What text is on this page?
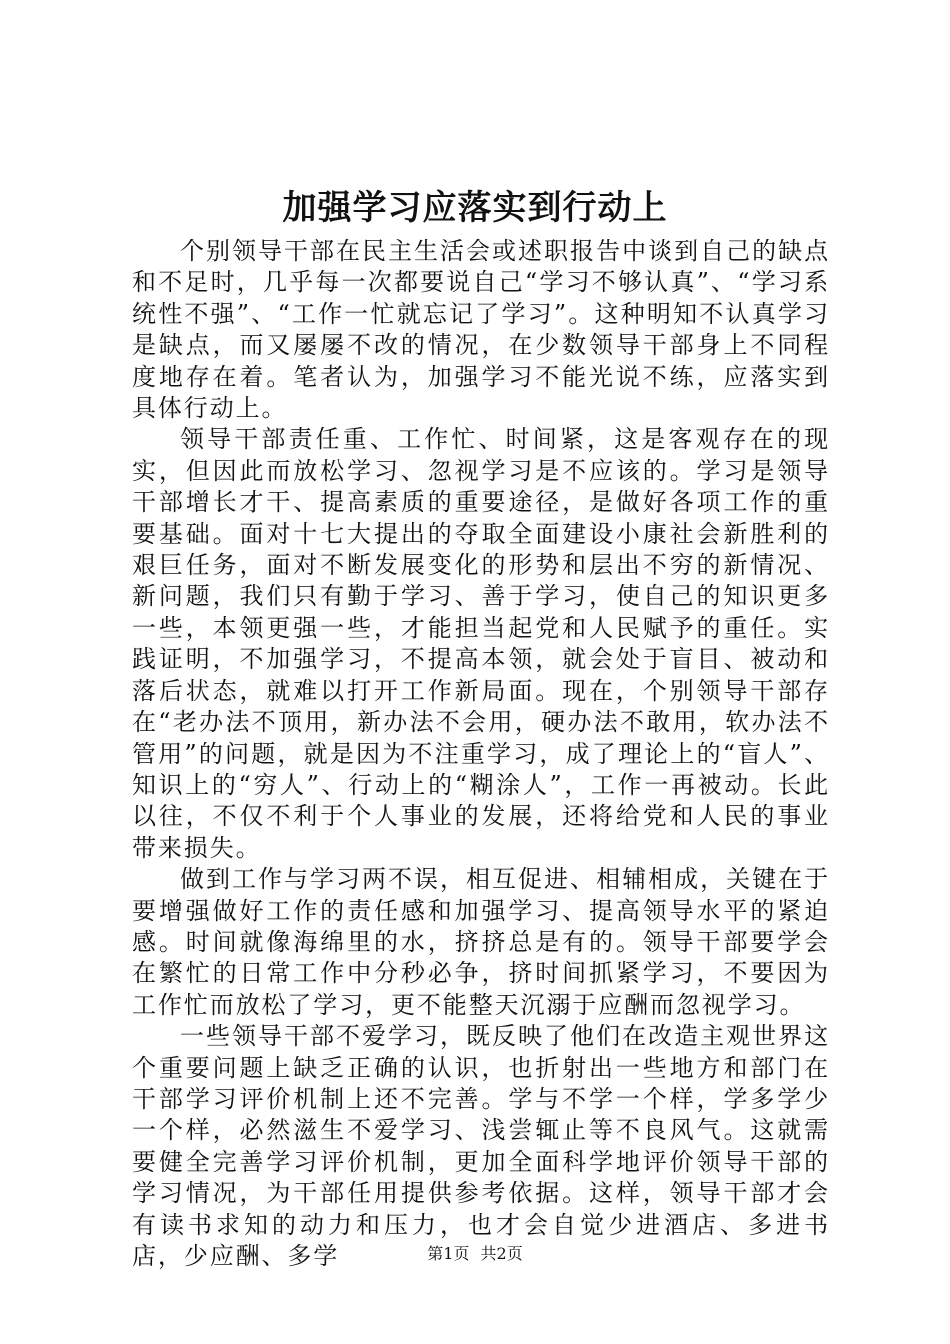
加强学习应落实到行动上

个别领导干部在民主生活会或述职报告中谈到自己的缺点和不足时，几乎每一次都要说自己“学习不够认真”、“学习系统性不强”、“工作一忙就忘记了学习”。这种明知不认真学习是缺点，而又屡屡不改的情况，在少数领导干部身上不同程度地存在着。笔者认为，加强学习不能光说不练，应落实到具体行动上。

领导干部责任重、工作忙、时间紧，这是客观存在的现实，但因此而放松学习、忽视学习是不应该的。学习是领导干部增长才干、提高素质的重要途径，是做好各项工作的重要基础。面对十七大提出的夺取全面建设小康社会新胜利的艰巨任务，面对不断发展变化的形势和层出不穷的新情况、新问题，我们只有勤于学习、善于学习，使自己的知识更多一些，本领更强一些，才能担当起党和人民赋予的重任。实践证明，不加强学习，不提高本领，就会处于盲目、被动和落后状态，就难以打开工作新局面。现在，个别领导干部存在“老办法不顶用，新办法不会用，硬办法不敢用，软办法不管用”的问题，就是因为不注重学习，成了理论上的“盲人”、知识上的“穷人”、行动上的“糊涂人”，工作一再被动。长此以往，不仅不利于个人事业的发展，还将给党和人民的事业带来损失。

做到工作与学习两不误，相互促进、相辅相成，关键在于要增强做好工作的责任感和加强学习、提高领导水平的紧迫感。时间就像海绵里的水，挤挤总是有的。领导干部要学会在繁忙的日常工作中分秒必争，挤时间抓紧学习，不要因为工作忙而放松了学习，更不能整天沉溺于应酬而忽视学习。

一些领导干部不爱学习，既反映了他们在改造主观世界这个重要问题上缺乏正确的认识，也折射出一些地方和部门在干部学习评价机制上还不完善。学与不学一个样，学多学少一个样，必然滋生不爱学习、浅尝辄止等不良风气。这就需要健全完善学习评价机制，更加全面科学地评价领导干部的学习情况，为干部任用提供参考依据。这样，领导干部才会有读书求知的动力和压力，也才会自觉少进酒店、多进书店，少应酬、多学	第1页 共2页
